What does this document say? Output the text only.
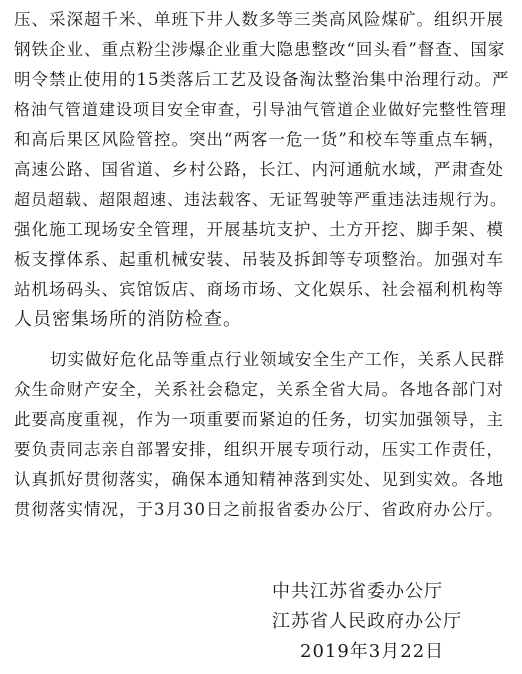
压、采深超千米、单班下井人数多等三类高风险煤矿。组织开展
钢铁企业、重点粉尘涉爆企业重大隐患整改“回头看”督查、国家
明令禁止使用的15类落后工艺及设备淘汰整治集中治理行动。严
格油气管道建设项目安全审查，引导油气管道企业做好完整性管理
和高后果区风险管控。突出“两客一危一货”和校车等重点车辆，
高速公路、国省道、乡村公路，长江、内河通航水域，严肃查处
超员超载、超限超速、违法载客、无证驾驶等严重违法违规行为。
强化施工现场安全管理，开展基坑支护、土方开挖、脚手架、模
板支撑体系、起重机械安装、吊装及拆卸等专项整治。加强对车
站机场码头、宾馆饭店、商场市场、文化娱乐、社会福利机构等
人员密集场所的消防检查。
切实做好危化品等重点行业领域安全生产工作，关系人民群
众生命财产安全，关系社会稳定，关系全省大局。各地各部门对
此要高度重视，作为一项重要而紧迫的任务，切实加强领导，主
要负责同志亲自部署安排，组织开展专项行动，压实工作责任，
认真抓好贯彻落实，确保本通知精神落到实处、见到实效。各地
贯彻落实情况，于3月30日之前报省委办公厅、省政府办公厅。
中共江苏省委办公厅
江苏省人民政府办公厅
2019年3月22日
